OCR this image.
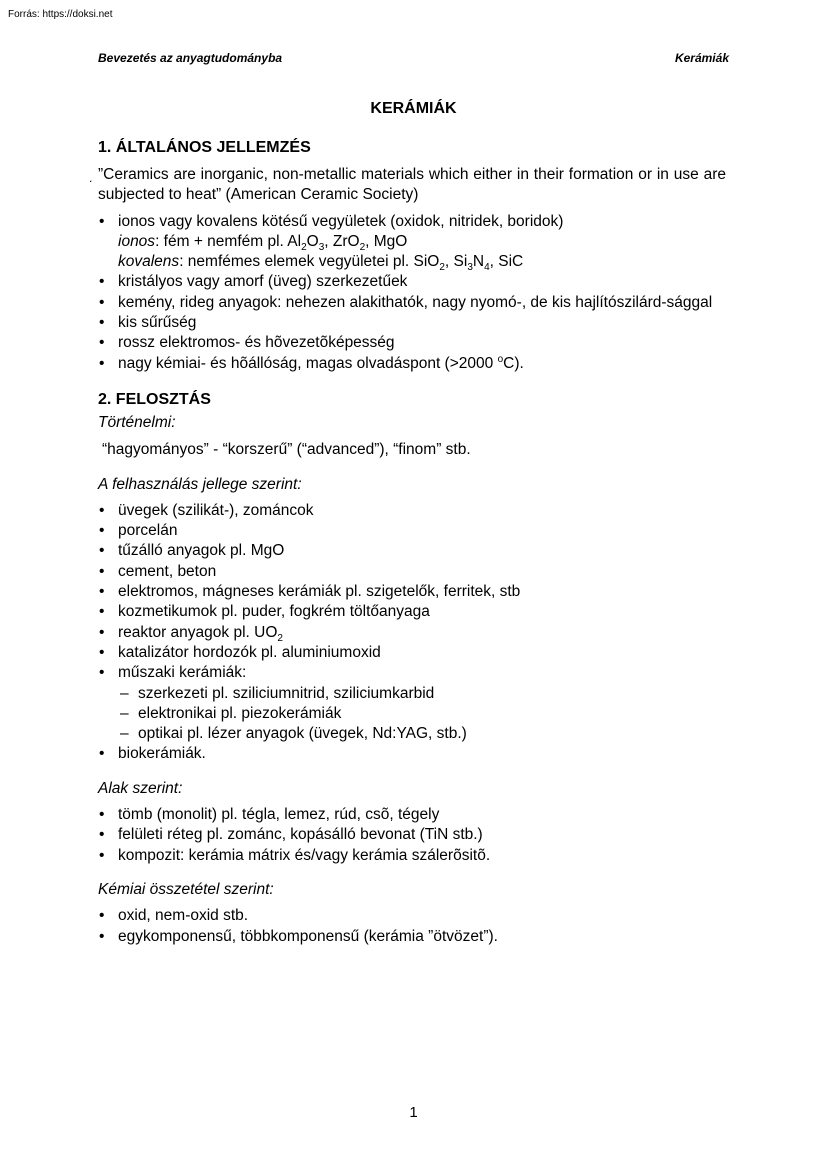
Forrás: https://doksi.net
Bevezetés az anyagtudományba	Kerámiák
KERÁMIÁK
1. ÁLTALÁNOS JELLEMZÉS

. ”Ceramics are inorganic, non-metallic materials which either in their formation or in use are subjected to heat” (American Ceramic Society)

• ionos vagy kovalens kötésű vegyületek (oxidok, nitridek, boridok)
ionos: fém + nemfém pl. $Al_2O_3$, ZrO$_2$, MgO
kovalens: nemfémes elemek vegyületei pl. SiO$_2$, $Si_3N_4$, SiC
• kristályos vagy amorf (üveg) szerkezetűek
• kemény, rideg anyagok: nehezen alakithatók, nagy nyomó-, de kis hajlítószilárd-sággal
• kis sűrűség
• rossz elektromos- és hõvezetõképesség
• nagy kémiai- és hõállóság, magas olvadáspont (>2000 $^o$C).
2. FELOSZTÁS

Történelmi:

“hagyományos” - “korszerű” (“advanced”), “finom” stb.

A felhasználás jellege szerint:

• üvegek (szilikát-), zománcok
• porcelán
• tűzálló anyagok pl. MgO
• cement, beton
• elektromos, mágneses kerámiák pl. szigetelők, ferritek, stb
• kozmetikumok pl. puder, fogkrém töltőanyaga
• reaktor anyagok pl. $UO_2$
• katalizátor hordozók pl. aluminiumoxid
• műszaki kerámiák:
– szerkezeti pl. sziliciumnitrid, sziliciumkarbid
– elektronikai pl. piezokerámiák
– optikai pl. lézer anyagok (üvegek, Nd:YAG, stb.)
• biokerámiák.

Alak szerint:

• tömb (monolit) pl. tégla, lemez, rúd, csõ, tégely
• felületi réteg pl. zománc, kopásálló bevonat (TiN stb.)
• kompozit: kerámia mátrix és/vagy kerámia szálerõsitõ.

Kémiai összetétel szerint:

• oxid, nem-oxid stb.
• egykomponensű, többkomponensű (kerámia ”ötvözet”).
1
